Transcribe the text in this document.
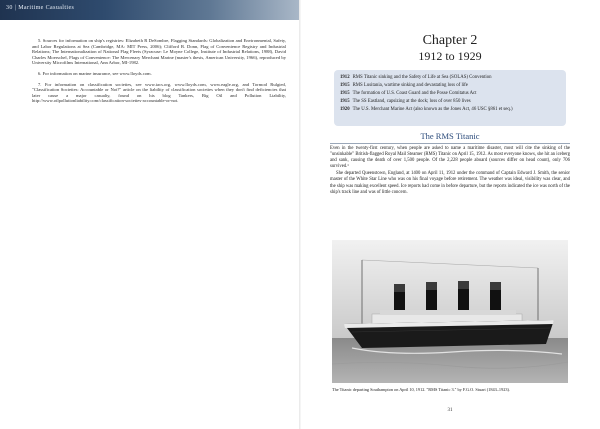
30 | Maritime Casualties

5. Sources for information on ship's registries: Elizabeth R DeSombre, Flagging Standards: Globalization and Environmental, Safety, and Labor Regulations at Sea (Cambridge, MA: MIT Press, 2006); Clifford B. Donn, Flag of Convenience Registry and Industrial Relations; The Internationalization of National Flag Fleets (Syracuse: Le Moyne College, Institute of Industrial Relations, 1988), David Charles Moerschel, Flags of Convenience: The Mercenary Merchant Marine (master's thesis, American University, 1966), reproduced by University Microfilms International, Ann Arbor, MI-1982.

6. For information on marine insurance, see www.lloyds.com.

7. For information on classification societies, see www.iacs.org, www.lloyds.com, www.eagle.org, and Tormod Rulgied, "Classification Societies: Accountable or Not?" article on the liability of classification societies when they don't find deficiencies that later cause a major casualty, found on his blog Tankers, Big Oil and Pollution Liability, http://www.oilpollutionliability.com/classification-societies-accountable-or-not.

Chapter 2
1912 to 1929
1912 RMS Titanic sinking and the Safety of Life at Sea (SOLAS) Convention
1915 RMS Lusitania, wartime sinking and devastating loss of life
1915 The formation of U.S. Coast Guard and the Posse Comitatus Act
1915 The SS Eastland, capsizing at the dock; loss of over 850 lives
1920 The U.S. Merchant Marine Act (also known as the Jones Act, 46 USC §861 et seq.)
The RMS Titanic

Even in the twenty-first century, when people are asked to name a maritime disaster, most will cite the sinking of the "unsinkable" British-flagged Royal Mail Steamer (RMS) Titanic on April 15, 1912. As most everyone knows, she hit an iceberg and sank, causing the death of over 1,500 people. Of the 2,228 people aboard (sources differ on head count), only 706 survived.¹

She departed Queenstown, England, at 1400 on April 11, 1912 under the command of Captain Edward J. Smith, the senior master of the White Star Line who was on his final voyage before retirement. The weather was ideal, visibility was clear, and the ship was making excellent speed. Ice reports had come in before departure, but the reports indicated the ice was north of the ship's track line and was of little concern.

The Titanic departing Southampton on April 10, 1912. "RMS Titanic 3." by F.G.O. Stuart (1843–1923).
31
